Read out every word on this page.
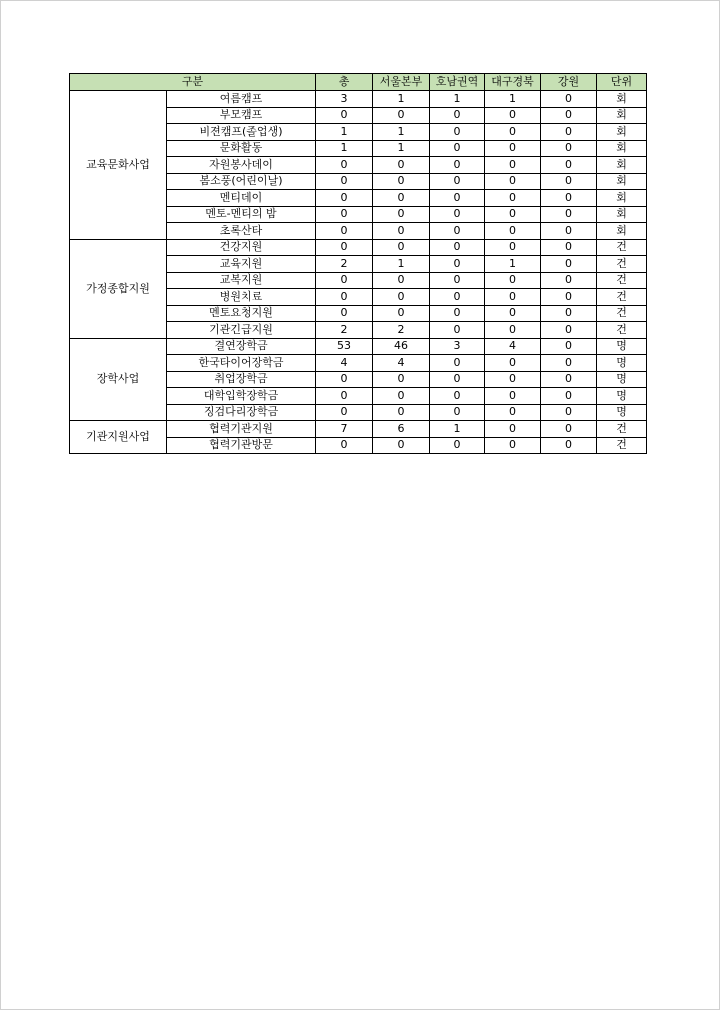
구분		총	서울본부	호남권역	대구경북	강원	단위
교육문화사업	여름캠프	3	1	1	1	0	회
	부모캠프	0	0	0	0	0	회
	비젼캠프(졸업생)	1	1	0	0	0	회
	문화활동	1	1	0	0	0	회
	자원봉사데이	0	0	0	0	0	회
	봄소풍(어린이날)	0	0	0	0	0	회
	멘티데이	0	0	0	0	0	회
	멘토-멘티의 밤	0	0	0	0	0	회
	초록산타	0	0	0	0	0	회
가정종합지원	건강지원	0	0	0	0	0	건
	교육지원	2	1	0	1	0	건
	교복지원	0	0	0	0	0	건
	병원치료	0	0	0	0	0	건
	멘토요청지원	0	0	0	0	0	건
	기관긴급지원	2	2	0	0	0	건
장학사업	결연장학금	53	46	3	4	0	명
	한국타이어장학금	4	4	0	0	0	명
	취업장학금	0	0	0	0	0	명
	대학입학장학금	0	0	0	0	0	명
	징검다리장학금	0	0	0	0	0	명
기관지원사업	협력기관지원	7	6	1	0	0	건
	협력기관방문	0	0	0	0	0	건
